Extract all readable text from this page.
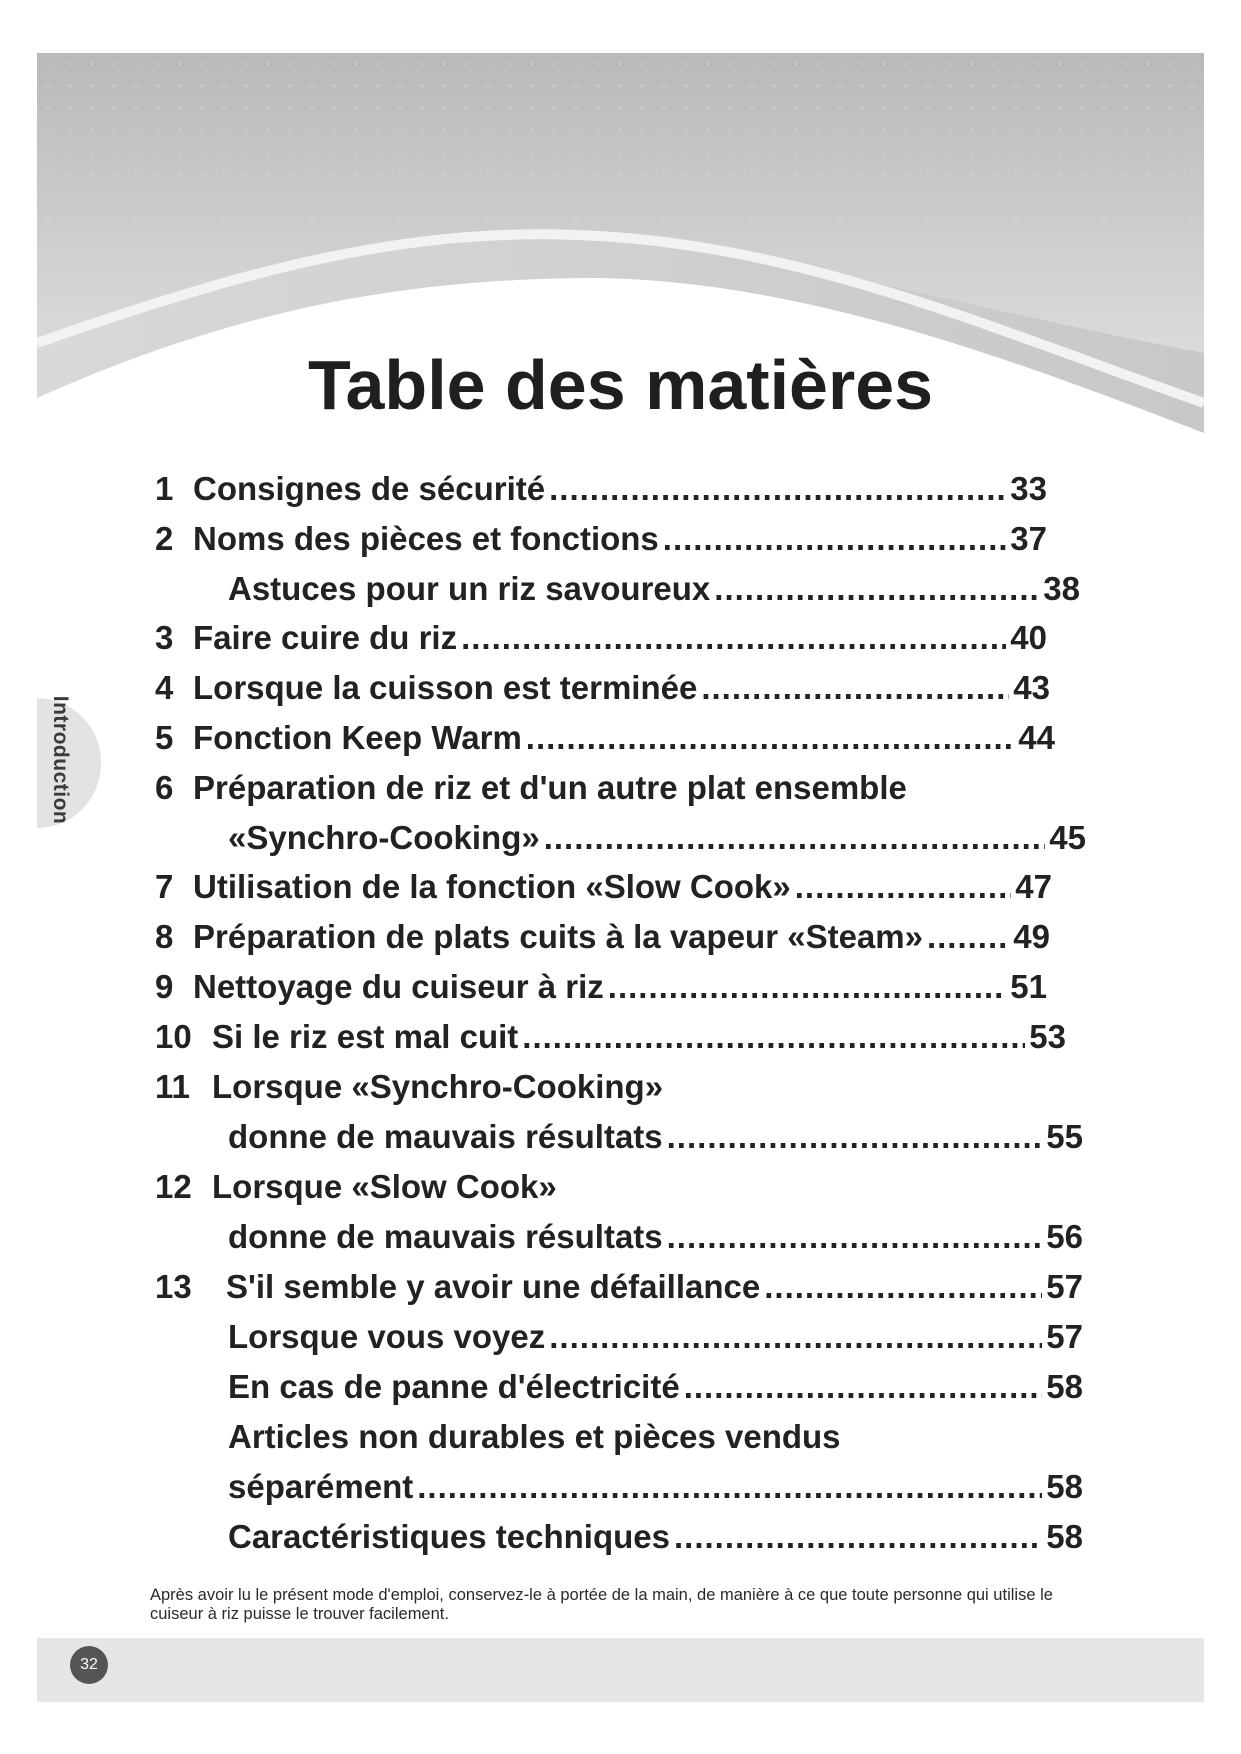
Table des matières
Introduction
1 Consignes de sécurité .....	33
2 Noms des pièces et fonctions .....	37
Astuces pour un riz savoureux .....	38
3 Faire cuire du riz .....	40
4 Lorsque la cuisson est terminée .....	43
5 Fonction Keep Warm .....	44
6 Préparation de riz et d'un autre plat ensemble
«Synchro-Cooking» .....	45
7 Utilisation de la fonction «Slow Cook» .....	47
8 Préparation de plats cuits à la vapeur «Steam» .....	49
9 Nettoyage du cuiseur à riz .....	51
10 Si le riz est mal cuit .....	53
11 Lorsque «Synchro-Cooking»
donne de mauvais résultats .....	55
12 Lorsque «Slow Cook»
donne de mauvais résultats .....	56
13 S'il semble y avoir une défaillance .....	57
Lorsque vous voyez .....	57
En cas de panne d'électricité .....	58
Articles non durables et pièces vendus
séparément .....	58
Caractéristiques techniques .....	58
Après avoir lu le présent mode d'emploi, conservez-le à portée de la main, de manière à ce que toute personne qui utilise le cuiseur à riz puisse le trouver facilement.
32
